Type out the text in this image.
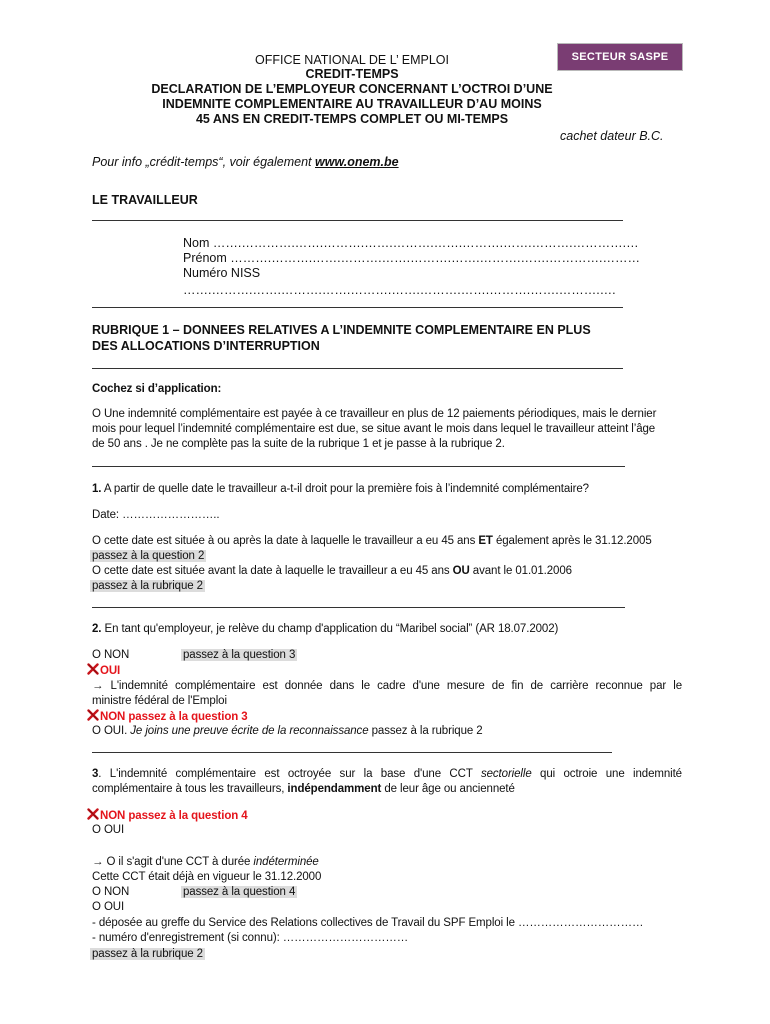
OFFICE NATIONAL DE L’ EMPLOI	SECTEUR SASPE
CREDIT-TEMPS
DECLARATION DE L’EMPLOYEUR CONCERNANT L’OCTROI D’UNE
INDEMNITE COMPLEMENTAIRE AU TRAVAILLEUR D’AU MOINS
45 ANS EN CREDIT-TEMPS COMPLET OU MI-TEMPS
cachet dateur B.C.
Pour info „crédit-temps“, voir également www.onem.be
LE TRAVAILLEUR
Nom …….………….…….……….…….……….…….……….…….……….………….…
Prénom ……….……….…….……….…….……….…….……….…….………….………
Numéro NISS
…….……….…….……….…….……….…….……….…….……….…….……….….
RUBRIQUE 1 – DONNEES RELATIVES A L’INDEMNITE COMPLEMENTAIRE EN PLUS
DES ALLOCATIONS D’INTERRUPTION
Cochez si d’application:
O Une indemnité complémentaire est payée à ce travailleur en plus de 12 paiements périodiques, mais le dernier
mois pour lequel l’indemnité complémentaire est due, se situe avant le mois dans lequel le travailleur atteint l’âge
de 50 ans . Je ne complète pas la suite de la rubrique 1 et je passe à la rubrique 2.
1. A partir de quelle date le travailleur a-t-il droit pour la première fois à l’indemnité complémentaire?
Date: ……………………..
O cette date est située à ou après la date à laquelle le travailleur a eu 45 ans ET également après le 31.12.2005
passez à la question 2
O cette date est située avant la date à laquelle le travailleur a eu 45 ans OU avant le 01.01.2006
passez à la rubrique 2
2. En tant qu'employeur, je relève du champ d'application du “Maribel social” (AR 18.07.2002)
O NON	passez à la question 3
OUI
→ L'indemnité complémentaire est donnée dans le cadre d'une mesure de fin de carrière reconnue par le
ministre fédéral de l'Emploi
NON passez à la question 3
O OUI. Je joins une preuve écrite de la reconnaissance passez à la rubrique 2
3. L'indemnité complémentaire est octroyée sur la base d'une CCT sectorielle qui octroie une indemnité
complémentaire à tous les travailleurs, indépendamment de leur âge ou ancienneté
NON passez à la question 4
O OUI
→ O il s'agit d'une CCT à durée indéterminée
Cette CCT était déjà en vigueur le 31.12.2000
O NON	passez à la question 4
O OUI
- déposée au greffe du Service des Relations collectives de Travail du SPF Emploi le ……………………………
- numéro d'enregistrement (si connu): ……………………………
passez à la rubrique 2
